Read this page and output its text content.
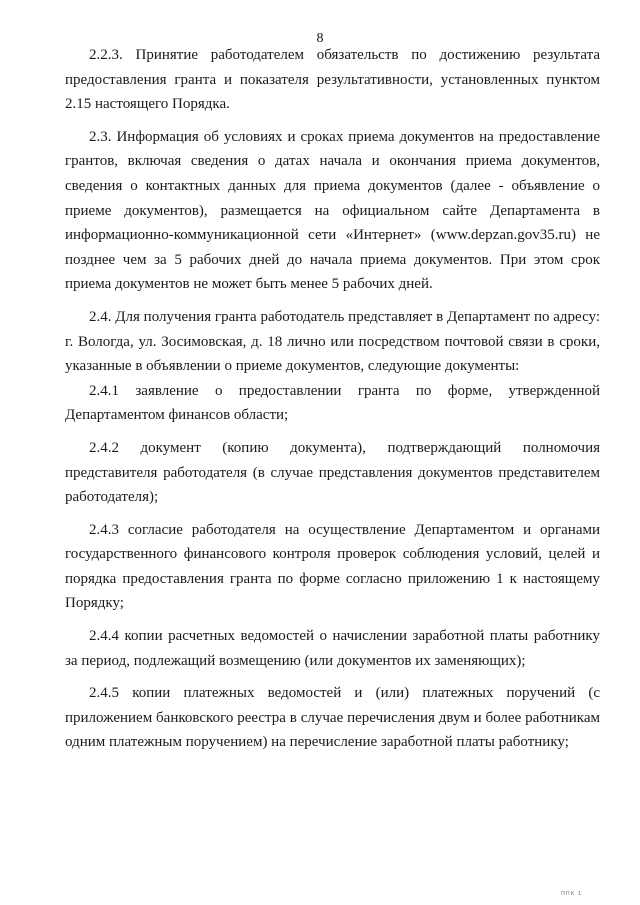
8

2.2.3. Принятие работодателем обязательств по достижению результата предоставления гранта и показателя результативности, установленных пунктом 2.15 настоящего Порядка.

2.3. Информация об условиях и сроках приема документов на предоставление грантов, включая сведения о датах начала и окончания приема документов, сведения о контактных данных для приема документов (далее - объявление о приеме документов), размещается на официальном сайте Департамента в информационно-коммуникационной сети «Интернет» (www.depzan.gov35.ru) не позднее чем за 5 рабочих дней до начала приема документов. При этом срок приема документов не может быть менее 5 рабочих дней.

2.4. Для получения гранта работодатель представляет в Департамент по адресу: г. Вологда, ул. Зосимовская, д. 18 лично или посредством почтовой связи в сроки, указанные в объявлении о приеме документов, следующие документы:

2.4.1 заявление о предоставлении гранта по форме, утвержденной Департаментом финансов области;

2.4.2 документ (копию документа), подтверждающий полномочия представителя работодателя (в случае представления документов представителем работодателя);

2.4.3 согласие работодателя на осуществление Департаментом и органами государственного финансового контроля проверок соблюдения условий, целей и порядка предоставления гранта по форме согласно приложению 1 к настоящему Порядку;

2.4.4 копии расчетных ведомостей о начислении заработной платы работнику за период, подлежащий возмещению (или документов их заменяющих);

2.4.5 копии платежных ведомостей и (или) платежных поручений (с приложением банковского реестра в случае перечисления двум и более работникам одним платежным поручением) на перечисление заработной платы работнику;

ППК 1
